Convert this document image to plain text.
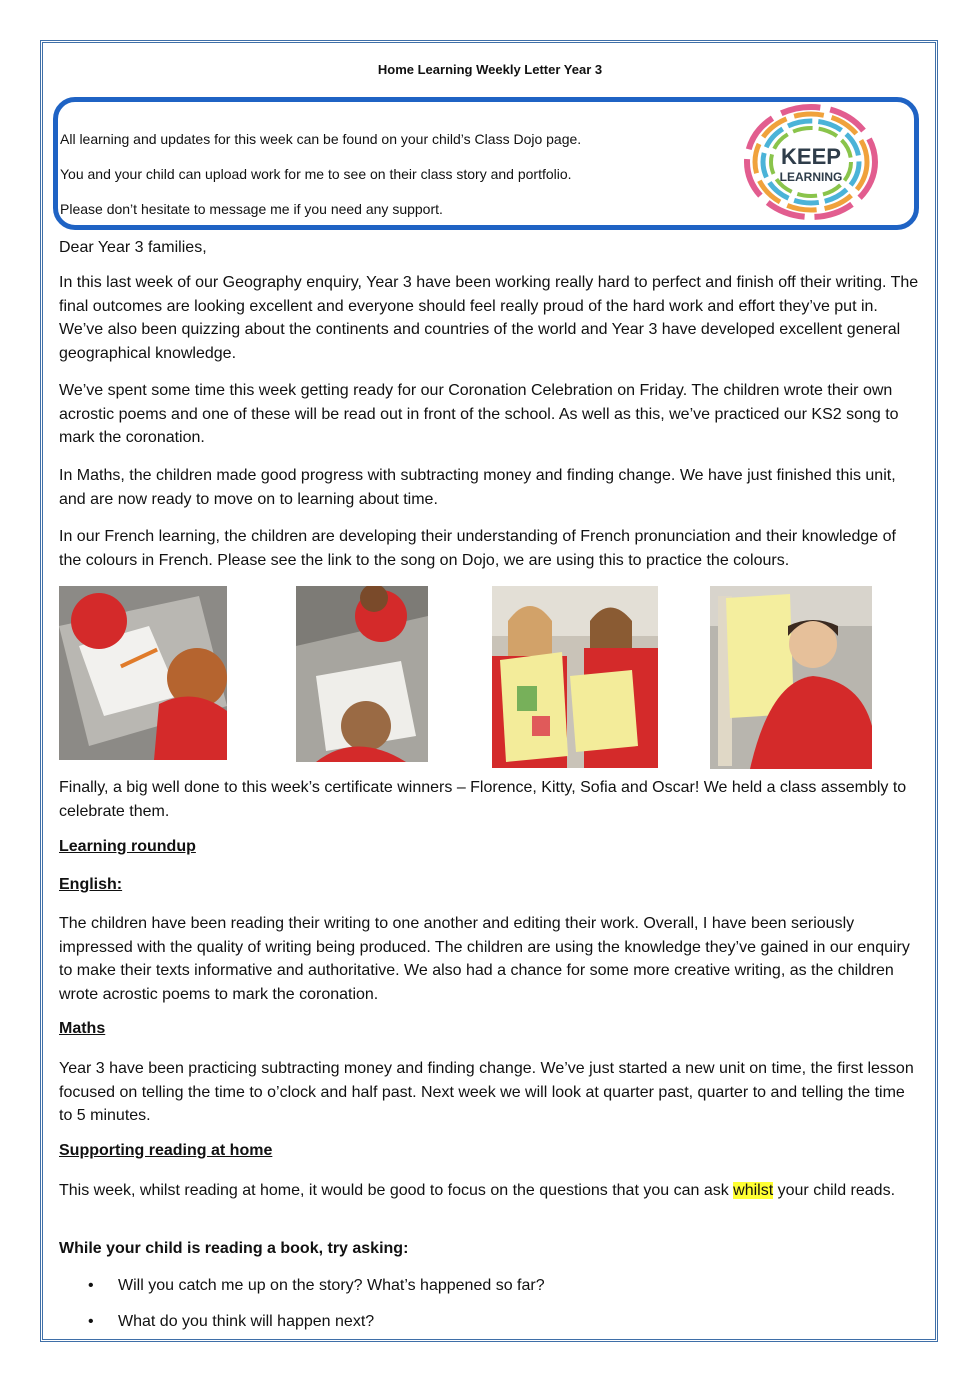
Home Learning Weekly Letter Year 3
All learning and updates for this week can be found on your child’s Class Dojo page.
You and your child can upload work for me to see on their class story and portfolio.
Please don’t hesitate to message me if you need any support.
KEEP
LEARNING
Dear Year 3 families,

In this last week of our Geography enquiry, Year 3 have been working really hard to perfect and finish off their writing. The final outcomes are looking excellent and everyone should feel really proud of the hard work and effort they’ve put in. We’ve also been quizzing about the continents and countries of the world and Year 3 have developed excellent general geographical knowledge.

We’ve spent some time this week getting ready for our Coronation Celebration on Friday. The children wrote their own acrostic poems and one of these will be read out in front of the school. As well as this, we’ve practiced our KS2 song to mark the coronation.

In Maths, the children made good progress with subtracting money and finding change. We have just finished this unit, and are now ready to move on to learning about time.

In our French learning, the children are developing their understanding of French pronunciation and their knowledge of the colours in French. Please see the link to the song on Dojo, we are using this to practice the colours.

Finally, a big well done to this week’s certificate winners – Florence, Kitty, Sofia and Oscar! We held a class assembly to celebrate them.

Learning roundup
English:

The children have been reading their writing to one another and editing their work. Overall, I have been seriously impressed with the quality of writing being produced. The children are using the knowledge they’ve gained in our enquiry to make their texts informative and authoritative. We also had a chance for some more creative writing, as the children wrote acrostic poems to mark the coronation.

Maths

Year 3 have been practicing subtracting money and finding change. We’ve just started a new unit on time, the first lesson focused on telling the time to o’clock and half past. Next week we will look at quarter past, quarter to and telling the time to 5 minutes.

Supporting reading at home

This week, whilst reading at home, it would be good to focus on the questions that you can ask whilst your child reads.

While your child is reading a book, try asking:
• Will you catch me up on the story? What’s happened so far?
• What do you think will happen next?
